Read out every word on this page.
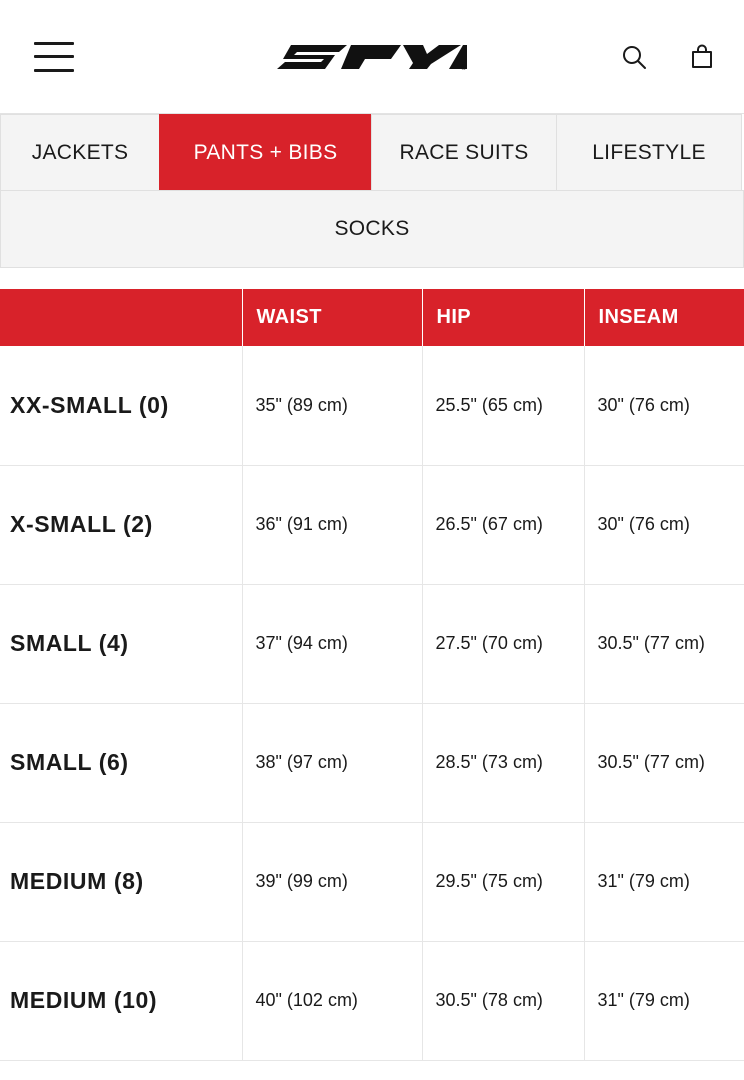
®
JACKETS	PANTS + BIBS	RACE SUITS	LIFESTYLE
SOCKS
	WAIST	HIP	INSEAM
XX-SMALL (0)	35" (89 cm)	25.5" (65 cm)	30" (76 cm)
X-SMALL (2)	36" (91 cm)	26.5" (67 cm)	30" (76 cm)
SMALL (4)	37" (94 cm)	27.5" (70 cm)	30.5" (77 cm)
SMALL (6)	38" (97 cm)	28.5" (73 cm)	30.5" (77 cm)
MEDIUM (8)	39" (99 cm)	29.5" (75 cm)	31" (79 cm)
MEDIUM (10)	40" (102 cm)	30.5" (78 cm)	31" (79 cm)
